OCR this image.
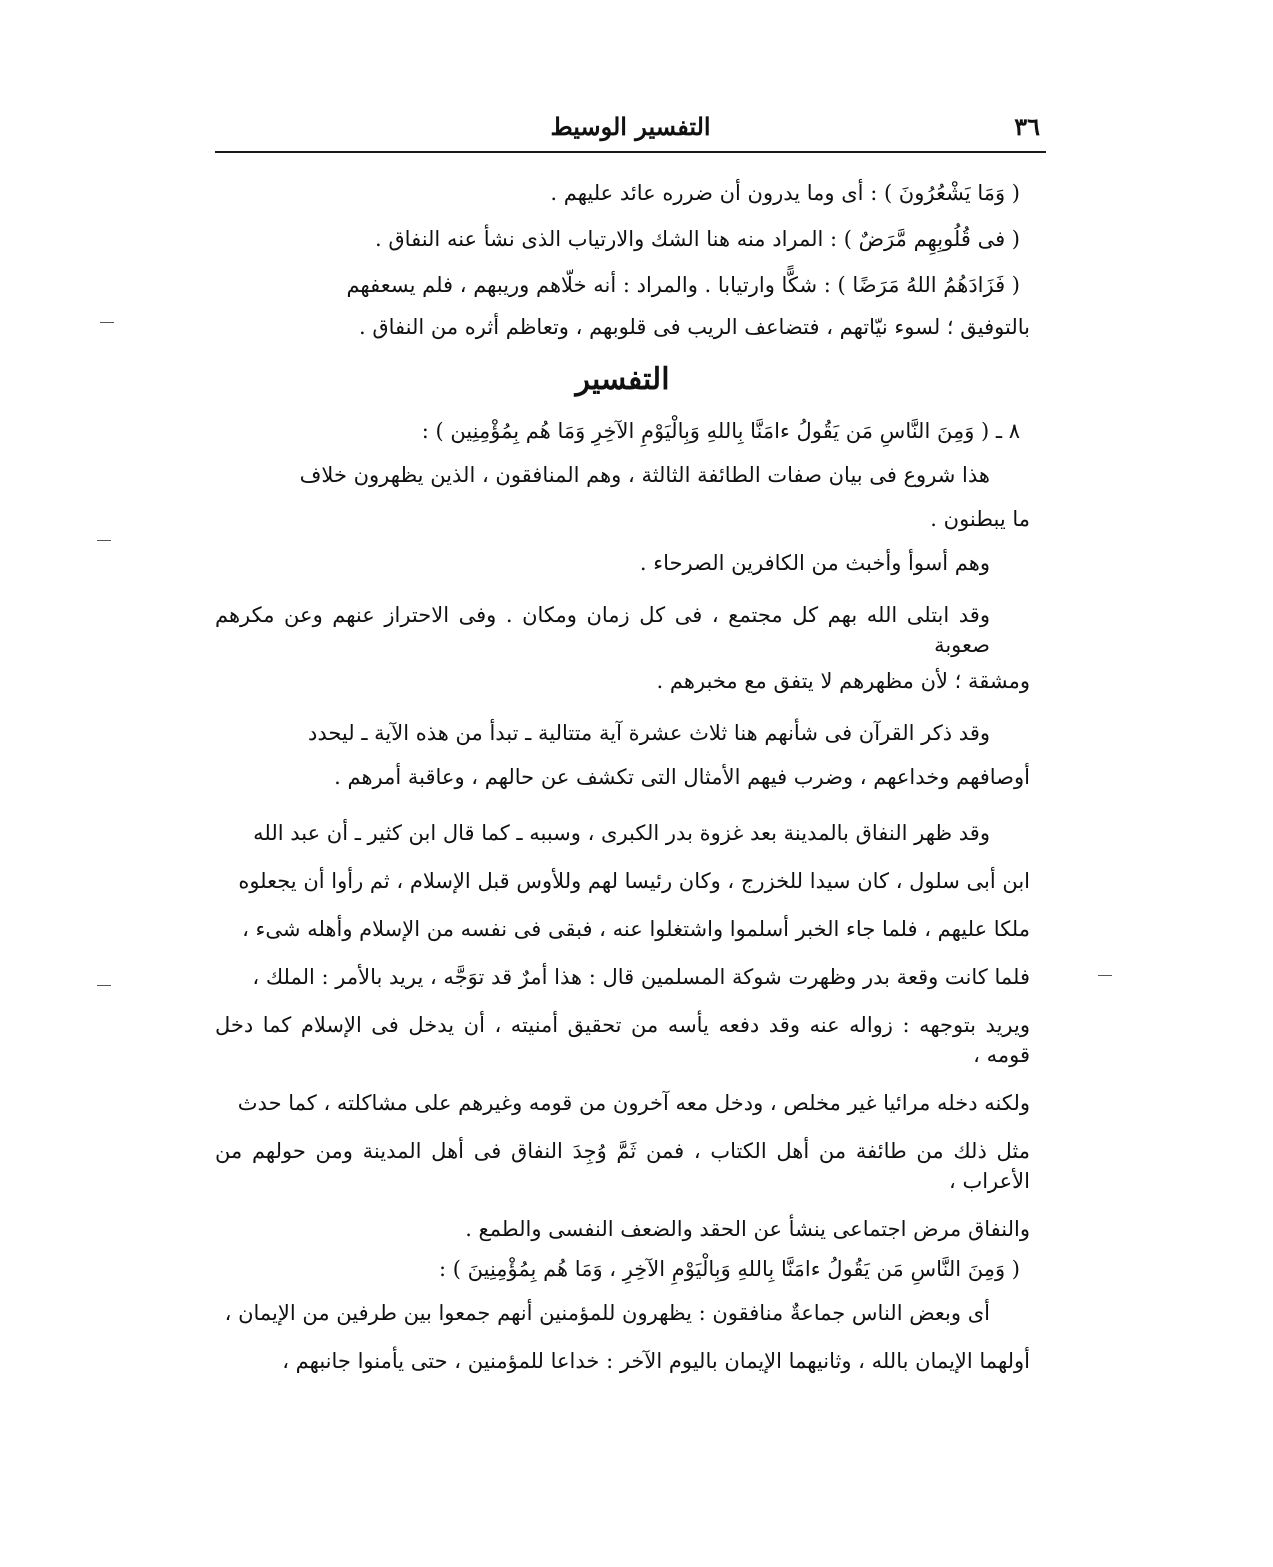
٣٦
التفسير الوسيط

( وَمَا يَشْعُرُونَ ) : أى وما يدرون أن ضرره عائد عليهم .

( فى قُلُوبِهِم مَّرَضٌ ) : المراد منه هنا الشك والارتياب الذى نشأ عنه النفاق .

( فَزَادَهُمُ اللهُ مَرَضًا ) : شكًّا وارتيابا . والمراد : أنه خلّاهم وريبهم ، فلم يسعفهم

بالتوفيق ؛ لسوء نيّاتهم ، فتضاعف الريب فى قلوبهم ، وتعاظم أثره من النفاق .

التفسير

٨ ـ ( وَمِنَ النَّاسِ مَن يَقُولُ ءامَنَّا بِاللهِ وَبِالْيَوْمِ الآخِرِ وَمَا هُم بِمُؤْمِنِين ) :

هذا شروع فى بيان صفات الطائفة الثالثة ، وهم المنافقون ، الذين يظهرون خلاف

ما يبطنون .

وهم أسوأ وأخبث من الكافرين الصرحاء .

وقد ابتلى الله بهم كل مجتمع ، فى كل زمان ومكان . وفى الاحتراز عنهم وعن مكرهم صعوبة

ومشقة ؛ لأن مظهرهم لا يتفق مع مخبرهم .

وقد ذكر القرآن فى شأنهم هنا ثلاث عشرة آية متتالية ـ تبدأ من هذه الآية ـ ليحدد

أوصافهم وخداعهم ، وضرب فيهم الأمثال التى تكشف عن حالهم ، وعاقبة أمرهم .

وقد ظهر النفاق بالمدينة بعد غزوة بدر الكبرى ، وسببه ـ كما قال ابن كثير ـ أن عبد الله

ابن أبى سلول ، كان سيدا للخزرج ، وكان رئيسا لهم وللأوس قبل الإسلام ، ثم رأوا أن يجعلوه

ملكا عليهم ، فلما جاء الخبر أسلموا واشتغلوا عنه ، فبقى فى نفسه من الإسلام وأهله شىء ،

فلما كانت وقعة بدر وظهرت شوكة المسلمين قال : هذا أمرٌ قد توَجَّه ، يريد بالأمر : الملك ،

ويريد بتوجهه : زواله عنه وقد دفعه يأسه من تحقيق أمنيته ، أن يدخل فى الإسلام كما دخل قومه ،

ولكنه دخله مرائيا غير مخلص ، ودخل معه آخرون من قومه وغيرهم على مشاكلته ، كما حدث

مثل ذلك من طائفة من أهل الكتاب ، فمن ثَمَّ وُجِدَ النفاق فى أهل المدينة ومن حولهم من الأعراب ،

والنفاق مرض اجتماعى ينشأ عن الحقد والضعف النفسى والطمع .

( وَمِنَ النَّاسِ مَن يَقُولُ ءامَنَّا بِاللهِ وَبِالْيَوْمِ الآخِرِ ، وَمَا هُم بِمُؤْمِنِينَ ) :

أى وبعض الناس جماعةٌ منافقون : يظهرون للمؤمنين أنهم جمعوا بين طرفين من الإيمان ،

أولهما الإيمان بالله ، وثانيهما الإيمان باليوم الآخر : خداعا للمؤمنين ، حتى يأمنوا جانبهم ،
